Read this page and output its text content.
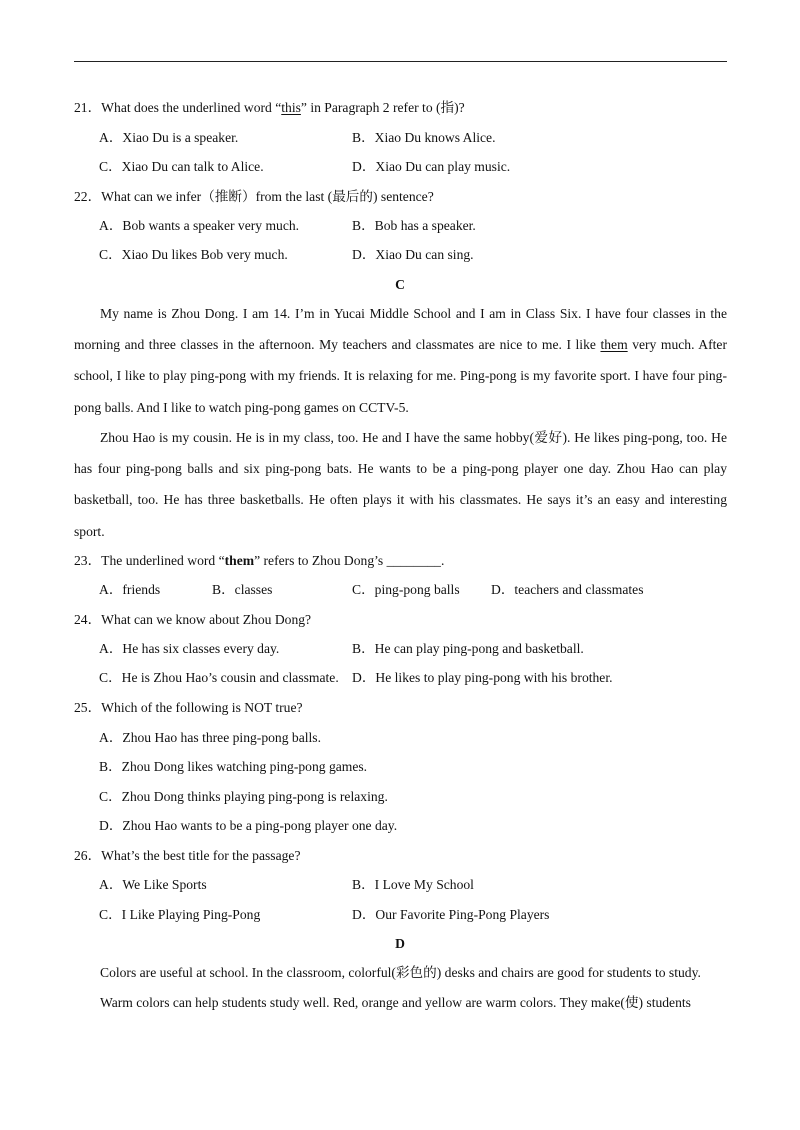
21．What does the underlined word “this” in Paragraph 2 refer to (指)?
A．Xiao Du is a speaker.	B．Xiao Du knows Alice.
C．Xiao Du can talk to Alice.	D．Xiao Du can play music.
22．What can we infer（推断）from the last (最后的) sentence?
A．Bob wants a speaker very much.	B．Bob has a speaker.
C．Xiao Du likes Bob very much.	D．Xiao Du can sing.
C
My name is Zhou Dong. I am 14. I’m in Yucai Middle School and I am in Class Six. I have four classes in the morning and three classes in the afternoon. My teachers and classmates are nice to me. I like them very much. After school, I like to play ping-pong with my friends. It is relaxing for me. Ping-pong is my favorite sport. I have four ping-pong balls. And I like to watch ping-pong games on CCTV-5.
Zhou Hao is my cousin. He is in my class, too. He and I have the same hobby(爱好). He likes ping-pong, too. He has four ping-pong balls and six ping-pong bats. He wants to be a ping-pong player one day. Zhou Hao can play basketball, too. He has three basketballs. He often plays it with his classmates. He says it’s an easy and interesting sport.
23．The underlined word “them” refers to Zhou Dong’s ________.
A．friends	B．classes	C．ping-pong balls D．teachers and classmates
24．What can we know about Zhou Dong?
A．He has six classes every day.	B．He can play ping-pong and basketball.
C．He is Zhou Hao’s cousin and classmate. D．He likes to play ping-pong with his brother.
25．Which of the following is NOT true?
A．Zhou Hao has three ping-pong balls.
B．Zhou Dong likes watching ping-pong games.
C．Zhou Dong thinks playing ping-pong is relaxing.
D．Zhou Hao wants to be a ping-pong player one day.
26．What’s the best title for the passage?
A．We Like Sports	B．I Love My School
C．I Like Playing Ping-Pong	D．Our Favorite Ping-Pong Players
D
Colors are useful at school. In the classroom, colorful(彩色的) desks and chairs are good for students to study.
Warm colors can help students study well. Red, orange and yellow are warm colors. They make(使) students
